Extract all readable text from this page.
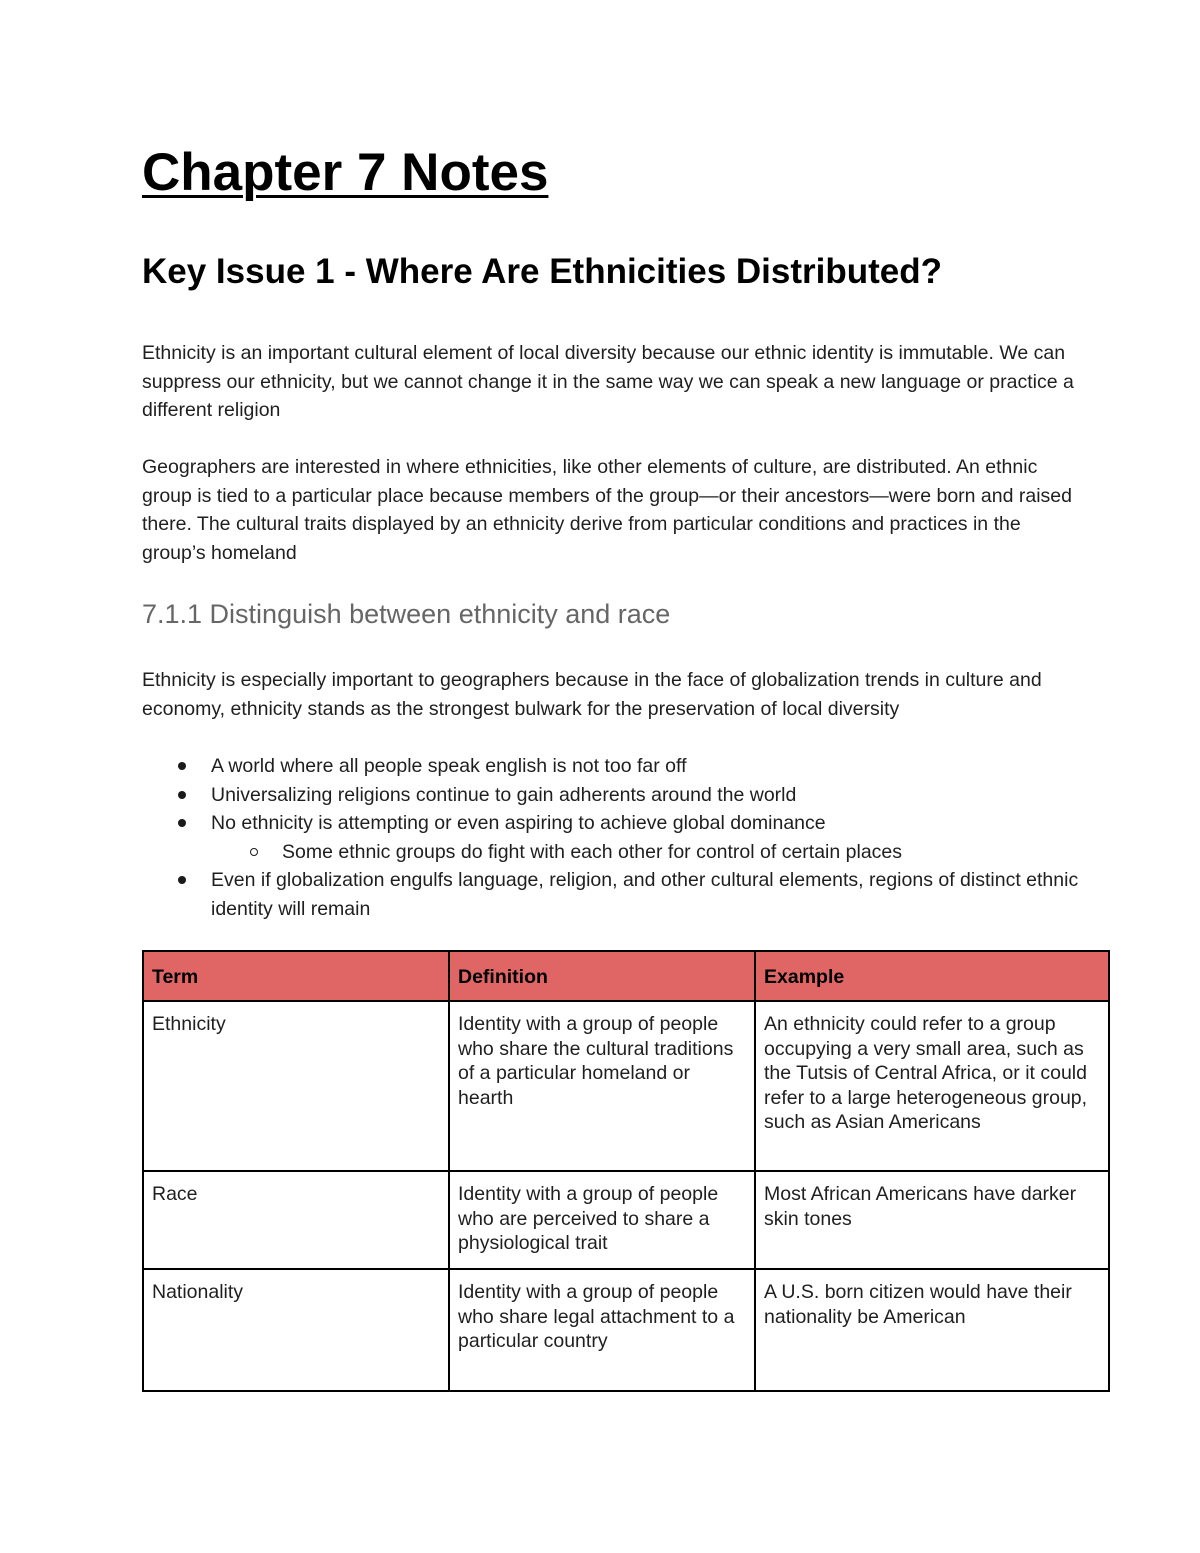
Chapter 7 Notes
Key Issue 1 - Where Are Ethnicities Distributed?

Ethnicity is an important cultural element of local diversity because our ethnic identity is immutable. We can suppress our ethnicity, but we cannot change it in the same way we can speak a new language or practice a different religion

Geographers are interested in where ethnicities, like other elements of culture, are distributed. An ethnic group is tied to a particular place because members of the group—or their ancestors—were born and raised there. The cultural traits displayed by an ethnicity derive from particular conditions and practices in the group’s homeland

7.1.1 Distinguish between ethnicity and race

Ethnicity is especially important to geographers because in the face of globalization trends in culture and economy, ethnicity stands as the strongest bulwark for the preservation of local diversity

A world where all people speak english is not too far off
Universalizing religions continue to gain adherents around the world
No ethnicity is attempting or even aspiring to achieve global dominance
Some ethnic groups do fight with each other for control of certain places
Even if globalization engulfs language, religion, and other cultural elements, regions of distinct ethnic identity will remain
Term	Definition	Example
Ethnicity	Identity with a group of people who share the cultural traditions of a particular homeland or hearth	An ethnicity could refer to a group occupying a very small area, such as the Tutsis of Central Africa, or it could refer to a large heterogeneous group, such as Asian Americans
Race	Identity with a group of people who are perceived to share a physiological trait	Most African Americans have darker skin tones
Nationality	Identity with a group of people who share legal attachment to a particular country	A U.S. born citizen would have their nationality be American
